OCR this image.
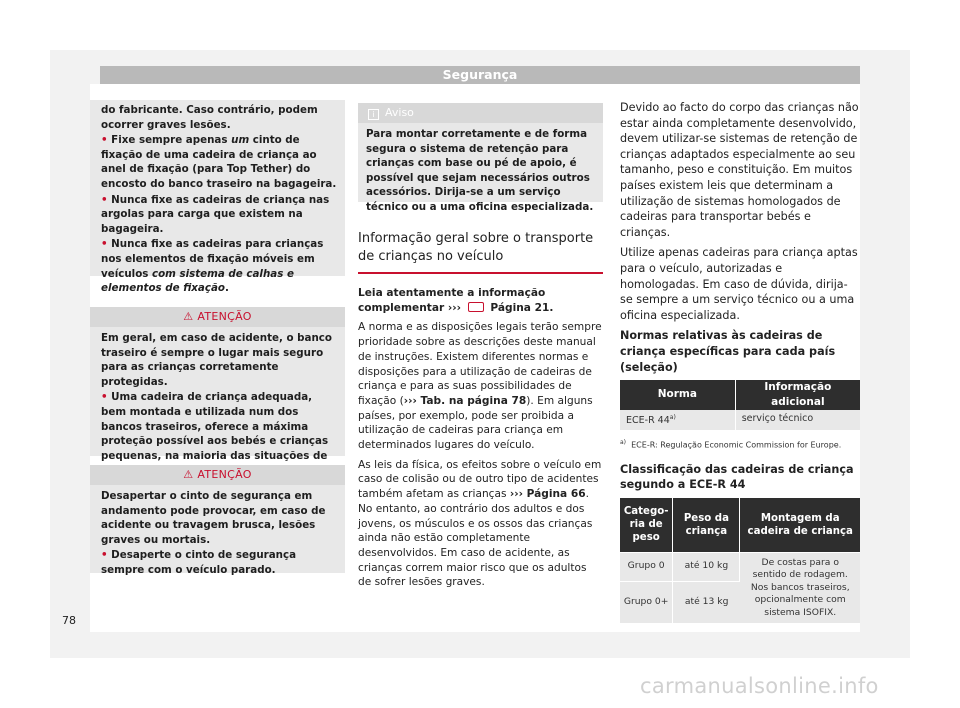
Segurança

do fabricante. Caso contrário, podem ocorrer graves lesões.

• Fixe sempre apenas um cinto de fixação de uma cadeira de criança ao anel de fixação (para Top Tether) do encosto do banco traseiro na bagageira.

• Nunca fixe as cadeiras de criança nas argolas para carga que existem na bagageira.

• Nunca fixe as cadeiras para crianças nos elementos de fixação móveis em veículos com sistema de calhas e elementos de fixação.

⚠ ATENÇÃO

Em geral, em caso de acidente, o banco traseiro é sempre o lugar mais seguro para as crianças corretamente protegidas.

• Uma cadeira de criança adequada, bem montada e utilizada num dos bancos traseiros, oferece a máxima proteção possível aos bebés e crianças pequenas, na maioria das situações de

⚠ ATENÇÃO

Desapertar o cinto de segurança em andamento pode provocar, em caso de acidente ou travagem brusca, lesões graves ou mortais.

• Desaperte o cinto de segurança sempre com o veículo parado.

i Aviso

Para montar corretamente e de forma segura o sistema de retenção para crianças com base ou pé de apoio, é possível que sejam necessários outros acessórios. Dirija-se a um serviço técnico ou a uma oficina especializada.

Informação geral sobre o transporte de crianças no veículo

Leia atentamente a informação complementar ›››  Página 21.

A norma e as disposições legais terão sempre prioridade sobre as descrições deste manual de instruções. Existem diferentes normas e disposições para a utilização de cadeiras de criança e para as suas possibilidades de fixação (››› Tab. na página 78). Em alguns países, por exemplo, pode ser proibida a utilização de cadeiras para criança em determinados lugares do veículo.

As leis da física, os efeitos sobre o veículo em caso de colisão ou de outro tipo de acidentes também afetam as crianças ››› Página 66. No entanto, ao contrário dos adultos e dos jovens, os músculos e os ossos das crianças ainda não estão completamente desenvolvidos. Em caso de acidente, as crianças correm maior risco que os adultos de sofrer lesões graves.

Devido ao facto do corpo das crianças não estar ainda completamente desenvolvido, devem utilizar-se sistemas de retenção de crianças adaptados especialmente ao seu tamanho, peso e constituição. Em muitos países existem leis que determinam a utilização de sistemas homologados de cadeiras para transportar bebés e crianças.

Utilize apenas cadeiras para criança aptas para o veículo, autorizadas e homologadas. Em caso de dúvida, dirija-se sempre a um serviço técnico ou a uma oficina especializada.

Normas relativas às cadeiras de criança específicas para cada país (seleção)

Norma	Informação adicional
ECE-R 44$^{a)}$	serviço técnico
$^{a)}$ ECE-R: Regulação Economic Commission for Europe.

Classificação das cadeiras de criança segundo a ECE-R 44

Catego-ria de peso	Peso da criança	Montagem da cadeira de criança
Grupo 0	até 10 kg	De costas para o sentido de rodagem. Nos bancos traseiros, opcionalmente com sistema ISOFIX.
Grupo 0+	até 13 kg	
78
carmanualsonline.info
